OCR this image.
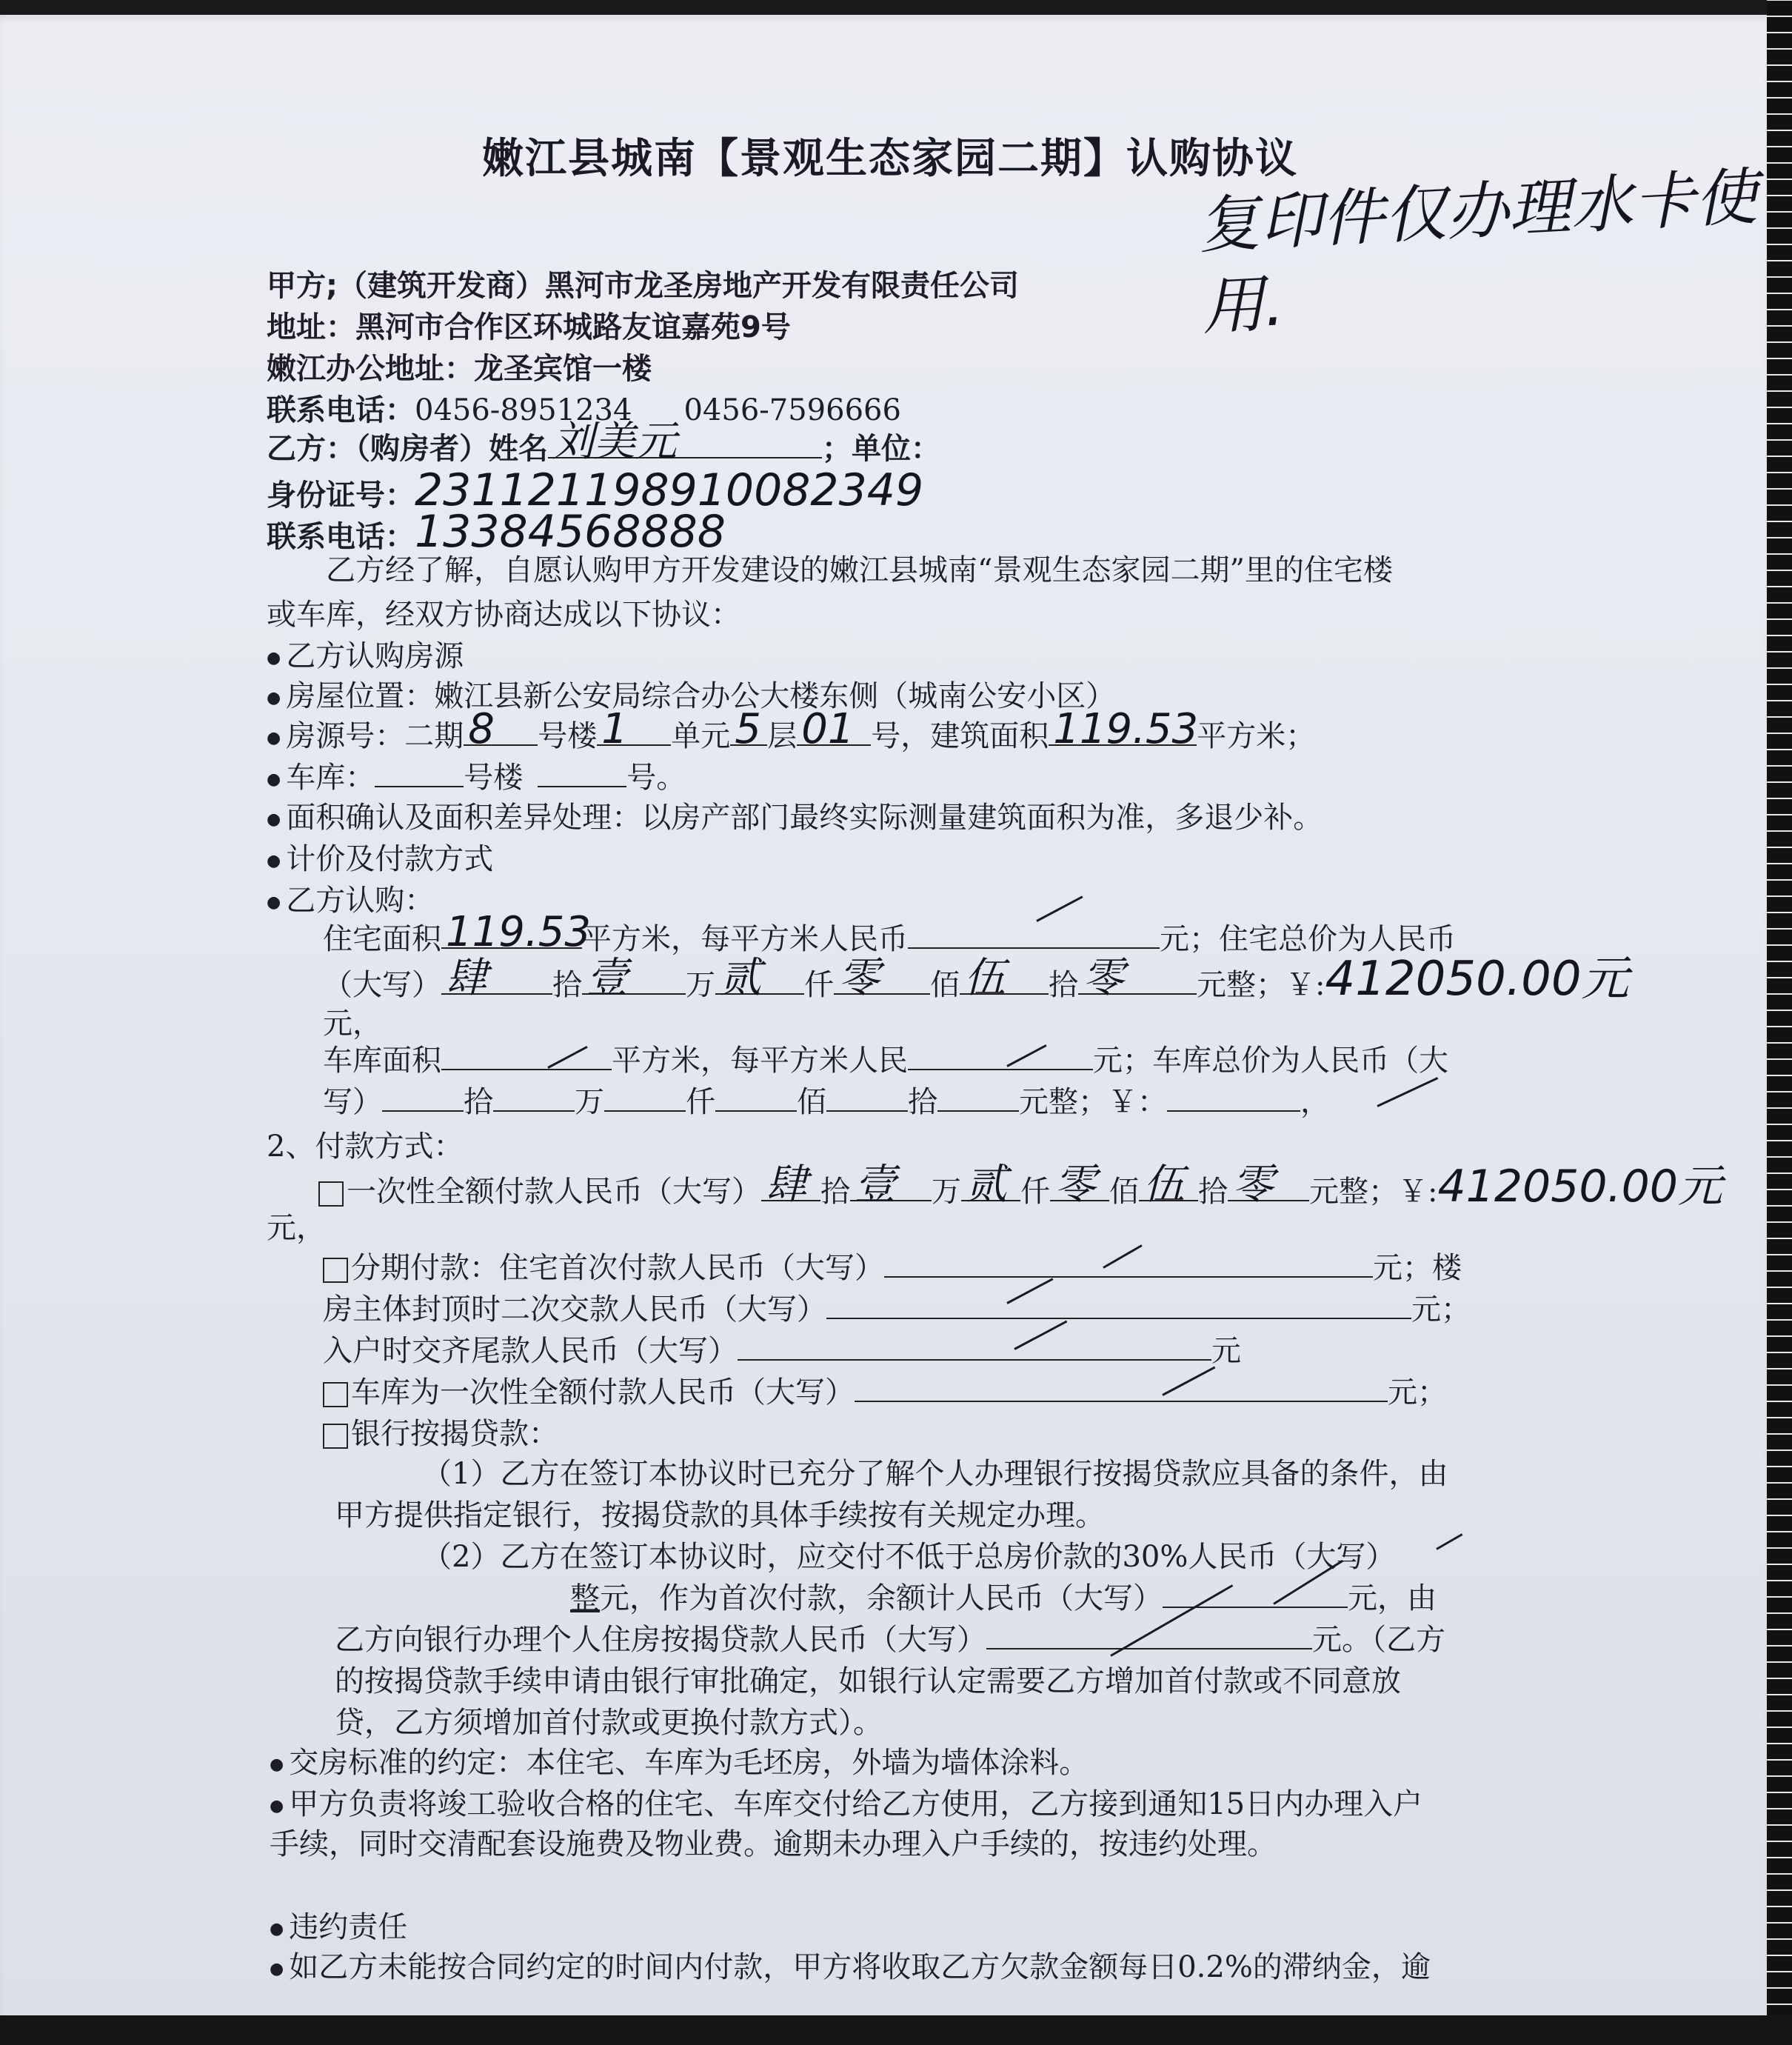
嫩江县城南【景观生态家园二期】认购协议
复印件仅办理水卡使用.
甲方;（建筑开发商）黑河市龙圣房地产开发有限责任公司
地址：黑河市合作区环城路友谊嘉苑9号
嫩江办公地址：龙圣宾馆一楼
联系电话：0456-8951234 0456-7596666
乙方：（购房者）姓名 刘美元	；单位：
身份证号：231121198910082349
联系电话：13384568888
乙方经了解，自愿认购甲方开发建设的嫩江县城南“景观生态家园二期”里的住宅楼
或车库，经双方协商达成以下协议：
● 乙方认购房源
● 房屋位置：嫩江县新公安局综合办公大楼东侧（城南公安小区）
● 房源号：二期 8 号楼 1 单元 5 层 01 号，建筑面积 119.53
平方米；
● 车库：	号楼	号。
● 面积确认及面积差异处理：以房产部门最终实际测量建筑面积为准，多退少补。
● 计价及付款方式
● 乙方认购：
住宅面积 119.53
平方米，每平方米人民币	元；住宅总价为人民币
（大写） 肆 拾 壹 万 贰 仟 零 佰 伍 拾 零 元整；￥:412050.00元
元，
车库面积	平方米，每平方米人民	元；车库总价为人民币（大
写）	拾	万	仟	佰	拾	元整；￥：	，
2、付款方式：
一次性全额付款人民币（大写） 肆 拾 壹 万 贰 仟 零 佰 伍 拾 零 元整；￥:412050.00元
元，
分期付款：住宅首次付款人民币（大写）	元；楼
房主体封顶时二次交款人民币（大写）	元；
入户时交齐尾款人民币（大写）	元
车库为一次性全额付款人民币（大写）	元；
银行按揭贷款：
（1）乙方在签订本协议时已充分了解个人办理银行按揭贷款应具备的条件，由
甲方提供指定银行，按揭贷款的具体手续按有关规定办理。
（2）乙方在签订本协议时，应交付不低于总房价款的30%人民币（大写）
整元，作为首次付款，余额计人民币（大写）	元，由
乙方向银行办理个人住房按揭贷款人民币（大写）	元。（乙方
的按揭贷款手续申请由银行审批确定，如银行认定需要乙方增加首付款或不同意放
贷，乙方须增加首付款或更换付款方式）。
● 交房标准的约定：本住宅、车库为毛坯房，外墙为墙体涂料。
● 甲方负责将竣工验收合格的住宅、车库交付给乙方使用，乙方接到通知15日内办理入户
手续，同时交清配套设施费及物业费。逾期未办理入户手续的，按违约处理。
● 违约责任
● 如乙方未能按合同约定的时间内付款，甲方将收取乙方欠款金额每日0.2%的滞纳金，逾
